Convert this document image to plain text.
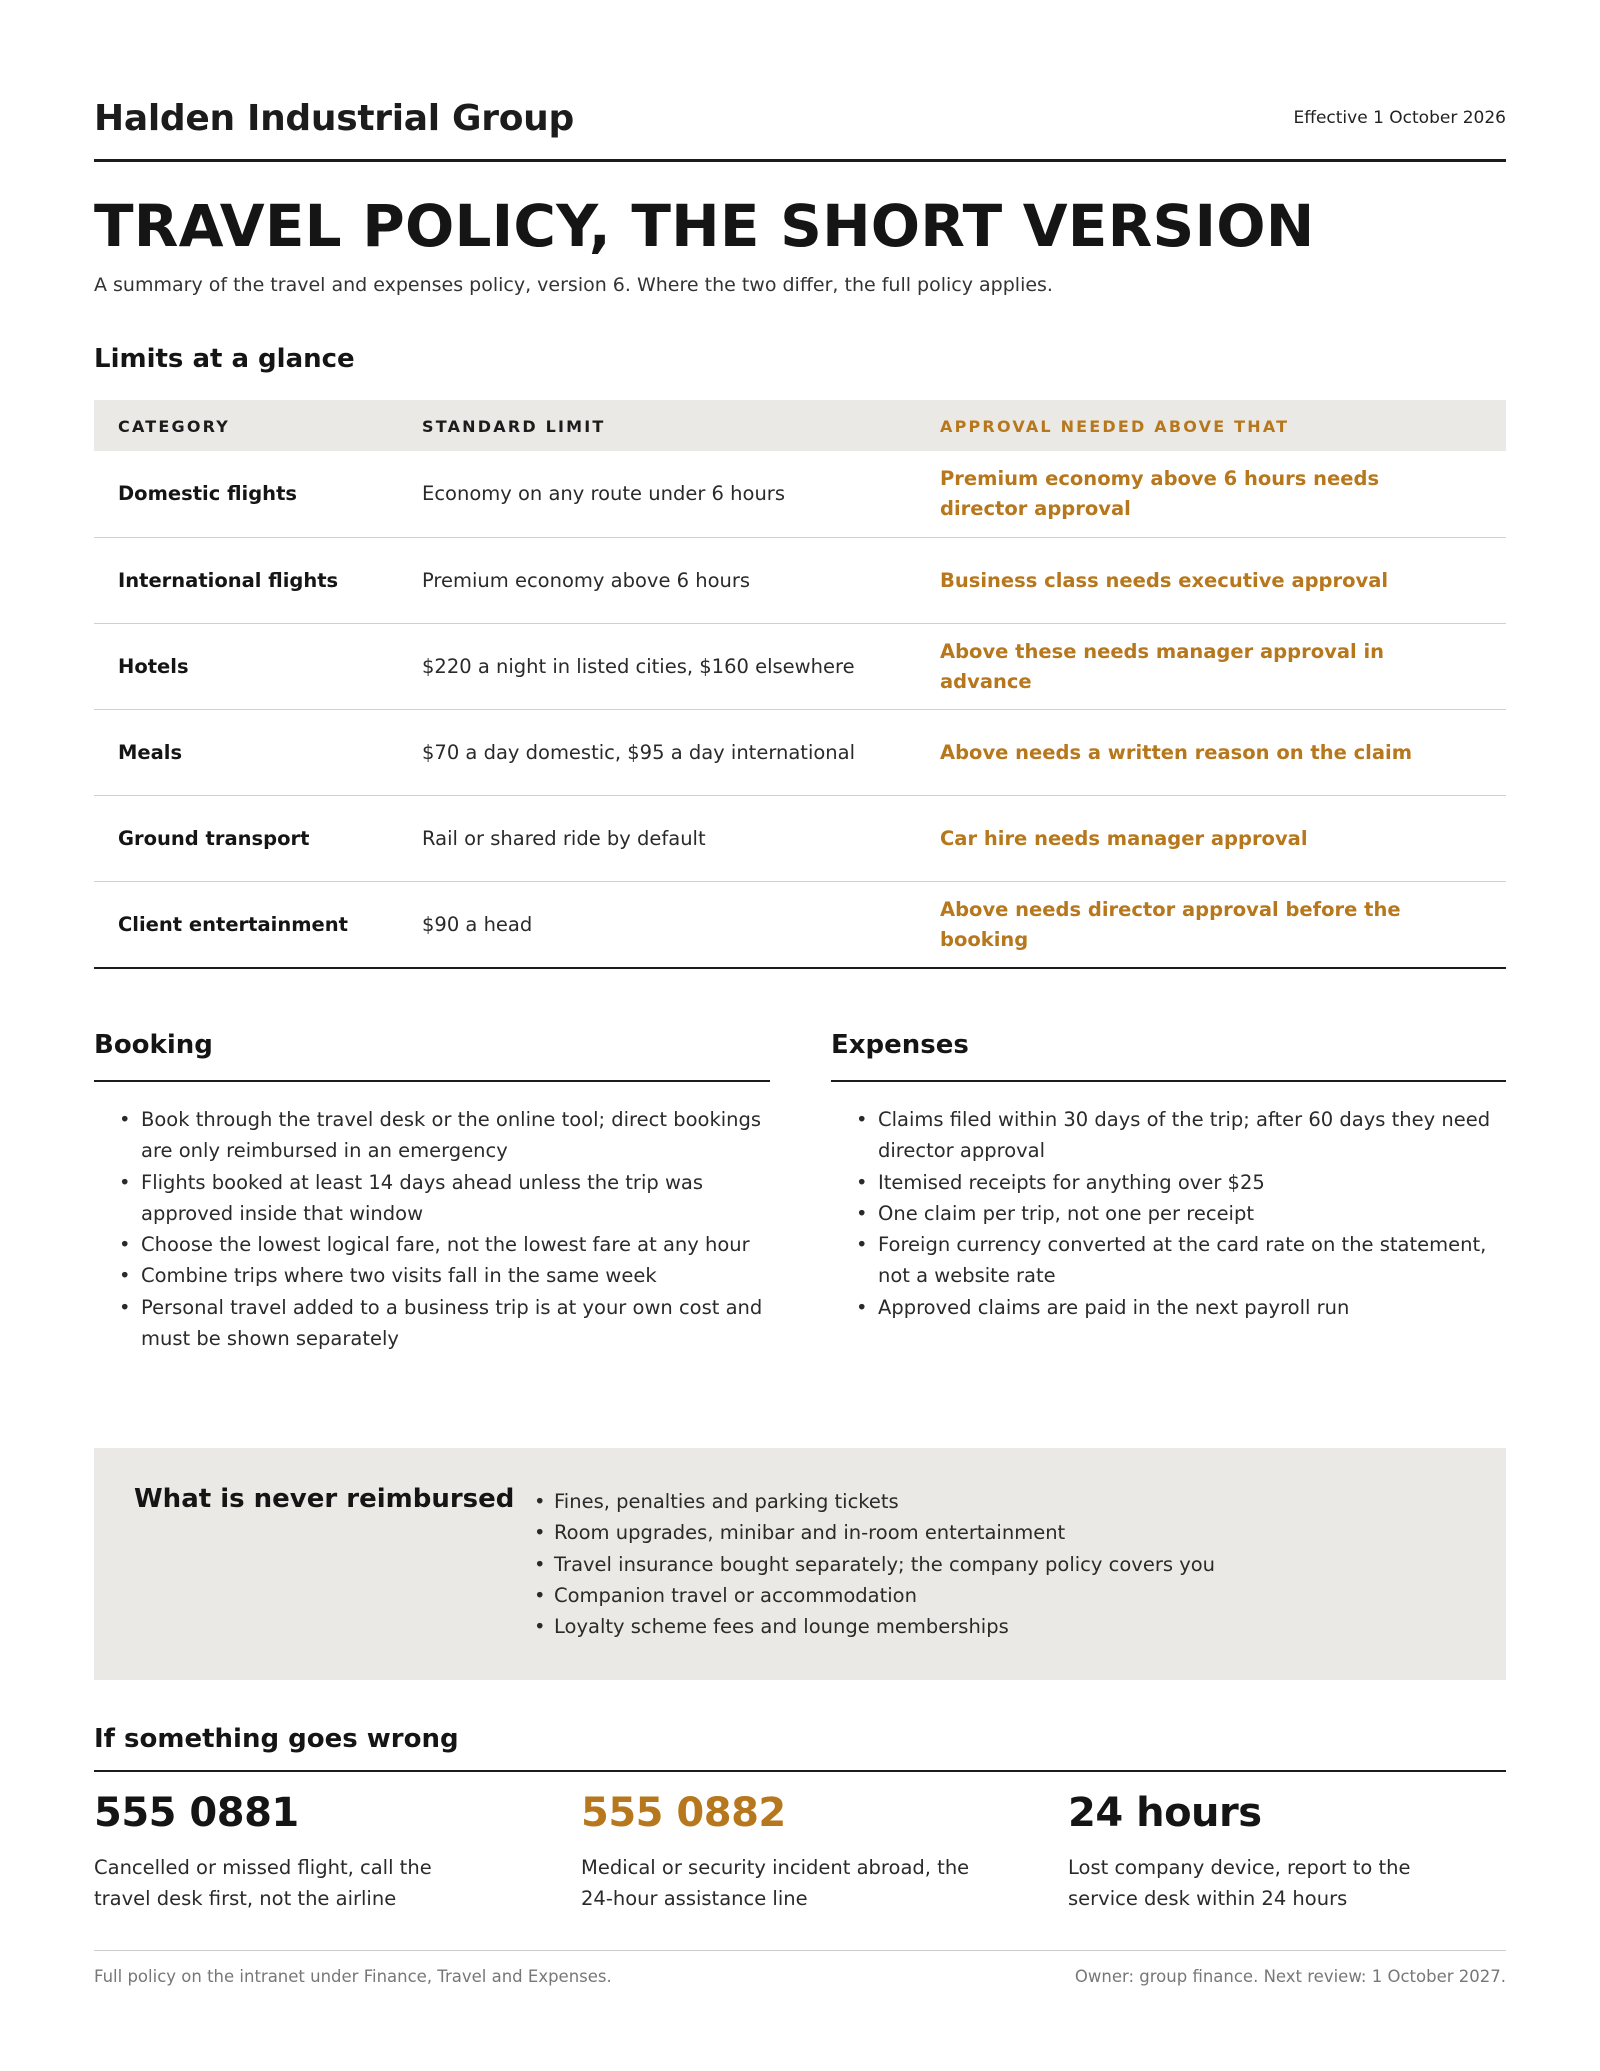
Halden Industrial Group	Effective 1 October 2026
TRAVEL POLICY, THE SHORT VERSION
A summary of the travel and expenses policy, version 6. Where the two differ, the full policy applies.
Limits at a glance
CATEGORY	STANDARD LIMIT	APPROVAL NEEDED ABOVE THAT
Domestic flights	Economy on any route under 6 hours
Premium economy above 6 hours needs director approval
International flights	Premium economy above 6 hours	Business class needs executive approval
Hotels	$220 a night in listed cities, $160 elsewhere
Above these needs manager approval in advance
Meals	$70 a day domestic, $95 a day international	Above needs a written reason on the claim
Ground transport	Rail or shared ride by default	Car hire needs manager approval
Client entertainment	$90 a head
Above needs director approval before the booking
Booking
• Book through the travel desk or the online tool; direct bookings are only reimbursed in an emergency
• Flights booked at least 14 days ahead unless the trip was approved inside that window
• Choose the lowest logical fare, not the lowest fare at any hour
• Combine trips where two visits fall in the same week
• Personal travel added to a business trip is at your own cost and must be shown separately
Expenses
• Claims filed within 30 days of the trip; after 60 days they need director approval
• Itemised receipts for anything over $25
• One claim per trip, not one per receipt
• Foreign currency converted at the card rate on the statement, not a website rate
• Approved claims are paid in the next payroll run
What is never reimbursed
•	Fines, penalties and parking tickets
• Room upgrades, minibar and in-room entertainment
• Travel insurance bought separately; the company policy covers you
• Companion travel or accommodation
• Loyalty scheme fees and lounge memberships
If something goes wrong
555 0881
Cancelled or missed flight, call the travel desk first, not the airline
555 0882
Medical or security incident abroad, the 24-hour assistance line
24 hours
Lost company device, report to the service desk within 24 hours
Full policy on the intranet under Finance, Travel and Expenses.	Owner: group finance. Next review: 1 October 2027.
